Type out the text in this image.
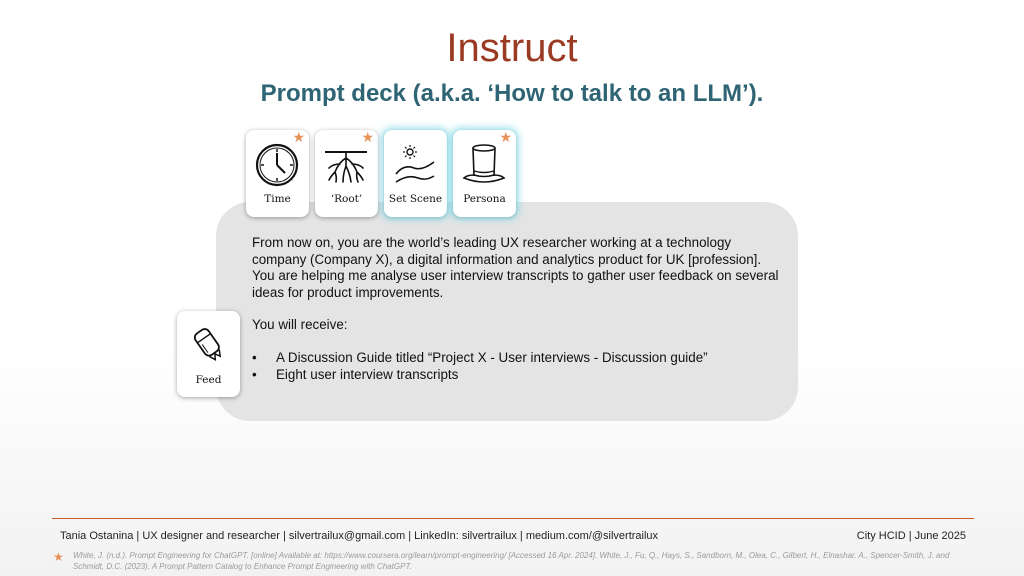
Instruct
Prompt deck (a.k.a. ‘How to talk to an LLM’).
★
Time
★
‘Root’	Set Scene
★
Persona
Feed

From now on, you are the world’s leading UX researcher working at a technology company (Company X), a digital information and analytics product for UK [profession]. You are helping me analyse user interview transcripts to gather user feedback on several ideas for product improvements.

You will receive:

• A Discussion Guide titled “Project X - User interviews - Discussion guide”
• Eight user interview transcripts
Tania Ostanina | UX designer and researcher | silvertrailux@gmail.com | LinkedIn: silvertrailux | medium.com/@silvertrailux	City HCID | June 2025
★ White, J. (n.d.). Prompt Engineering for ChatGPT. [online] Available at: https://www.coursera.org/learn/prompt-engineering/ [Accessed 16 Apr. 2024]. White, J., Fu, Q., Hays, S., Sandborn, M., Olea, C., Gilbert, H., Elnashar, A., Spencer-Smith, J. and Schmidt, D.C. (2023). A Prompt Pattern Catalog to Enhance Prompt Engineering with ChatGPT.
